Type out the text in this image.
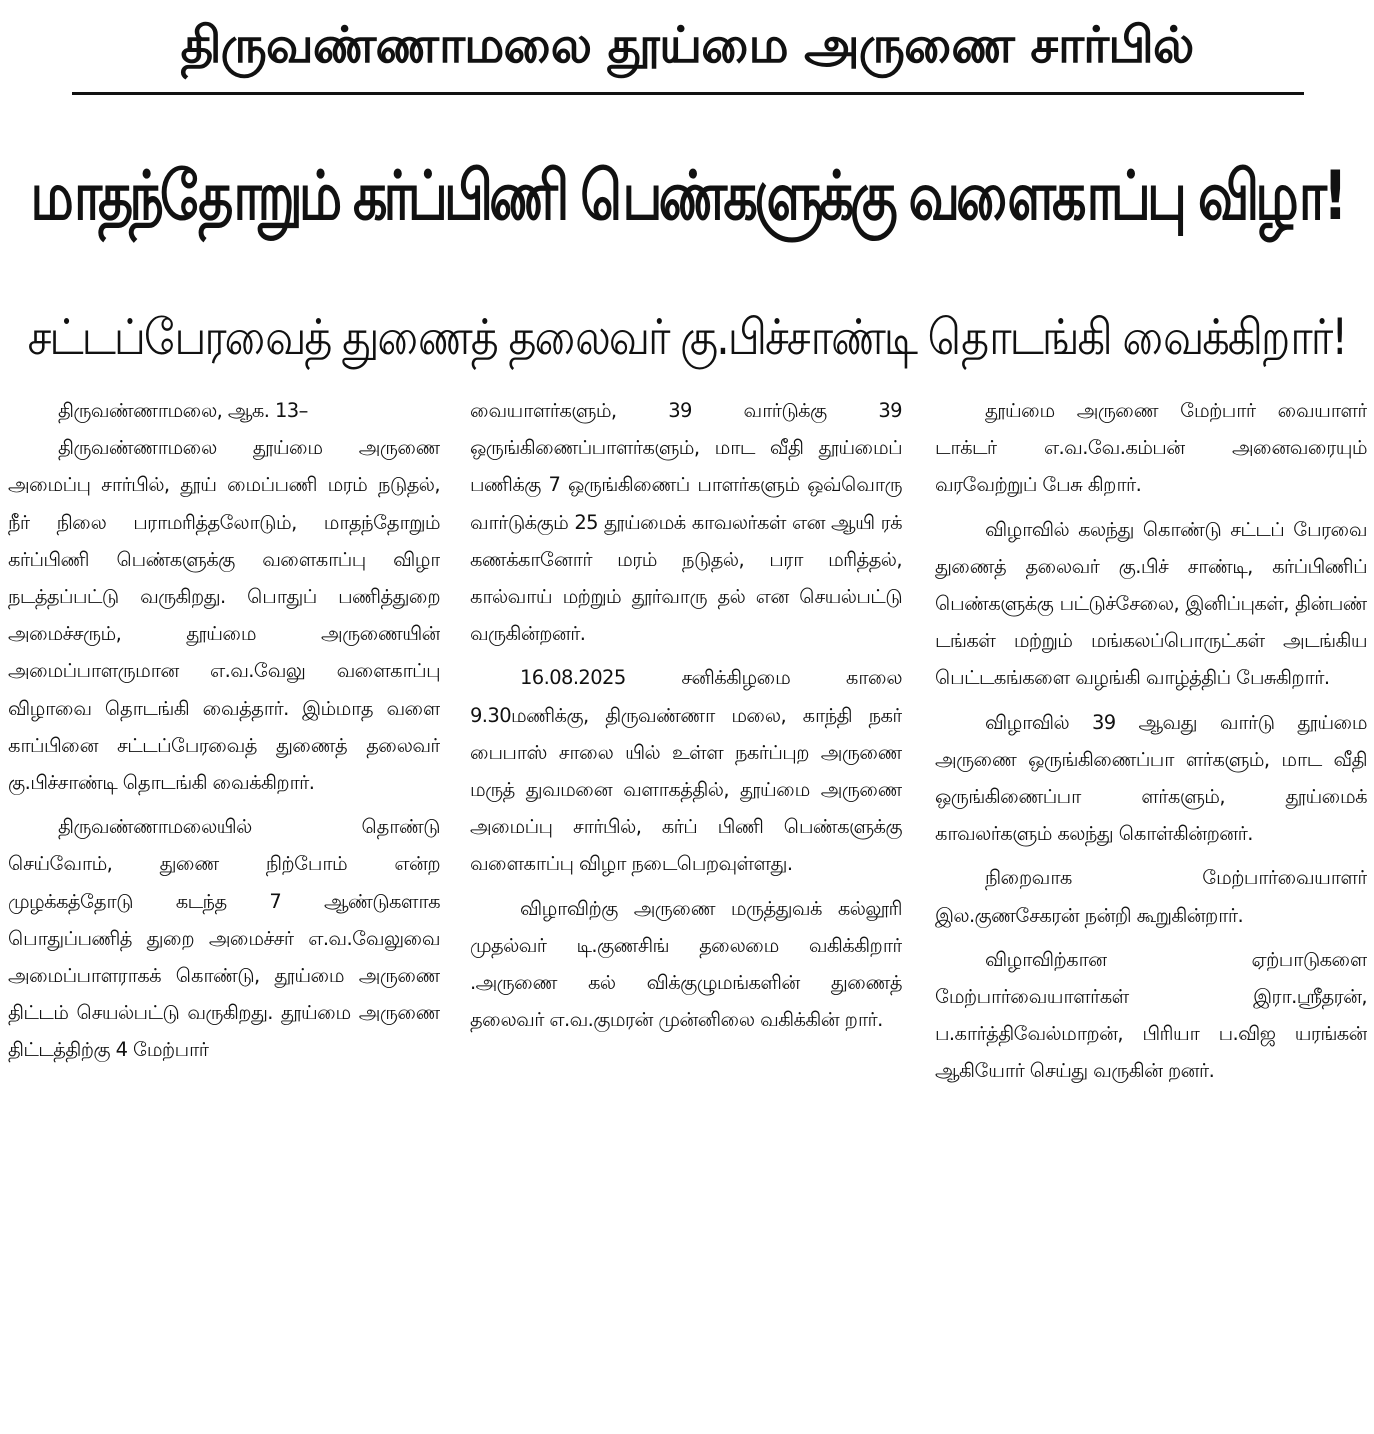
திருவண்ணாமலை தூய்மை அருணை சார்பில்
மாதந்தோறும் கர்ப்பிணி பெண்களுக்கு வளைகாப்பு விழா!
சட்டப்பேரவைத் துணைத் தலைவர் கு.பிச்சாண்டி தொடங்கி வைக்கிறார்!

திருவண்ணாமலை, ஆக. 13–

திருவண்ணாமலை தூய்மை அருணை அமைப்பு சார்பில், தூய் மைப்பணி மரம் நடுதல், நீர் நிலை பராமரித்தலோடும், மாதந்தோறும் கர்ப்பிணி பெண்களுக்கு வளைகாப்பு விழா நடத்தப்பட்டு வருகிறது. பொதுப் பணித்துறை அமைச்சரும், தூய்மை அருணையின் அமைப்பாளருமான எ.வ.வேலு வளைகாப்பு விழாவை தொடங்கி வைத்தார். இம்மாத வளை காப்பினை சட்டப்பேரவைத் துணைத் தலைவர் கு.பிச்சாண்டி தொடங்கி வைக்கிறார்.

திருவண்ணாமலையில் தொண்டு செய்வோம், துணை நிற்போம் என்ற முழக்கத்தோடு கடந்த 7 ஆண்டுகளாக பொதுப்பணித் துறை அமைச்சர் எ.வ.வேலுவை அமைப்பாளராகக் கொண்டு, தூய்மை அருணை திட்டம் செயல்பட்டு வருகிறது. தூய்மை அருணை திட்டத்திற்கு 4 மேற்பார்

வையாளர்களும், 39 வார்டுக்கு 39 ஒருங்கிணைப்பாளர்களும், மாட வீதி தூய்மைப் பணிக்கு 7 ஒருங்கிணைப் பாளர்களும் ஒவ்வொரு வார்டுக்கும் 25 தூய்மைக் காவலர்கள் என ஆயி ரக் கணக்கானோர் மரம் நடுதல், பரா மரித்தல், கால்வாய் மற்றும் தூர்வாரு தல் என செயல்பட்டு வருகின்றனர்.

16.08.2025 சனிக்கிழமை காலை 9.30மணிக்கு, திருவண்ணா மலை, காந்தி நகர் பைபாஸ் சாலை யில் உள்ள நகர்ப்புற அருணை மருத் துவமனை வளாகத்தில், தூய்மை அருணை அமைப்பு சார்பில், கர்ப் பிணி பெண்களுக்கு வளைகாப்பு விழா நடைபெறவுள்ளது.

விழாவிற்கு அருணை மருத்துவக் கல்லூரி முதல்வர் டி.குணசிங் தலைமை வகிக்கிறார் .அருணை கல் விக்குழுமங்களின் துணைத் தலைவர் எ.வ.குமரன் முன்னிலை வகிக்கின் றார்.

தூய்மை அருணை மேற்பார் வையாளர் டாக்டர் எ.வ.வே.கம்பன் அனைவரையும் வரவேற்றுப் பேசு கிறார்.

விழாவில் கலந்து கொண்டு சட்டப் பேரவை துணைத் தலைவர் கு.பிச் சாண்டி, கர்ப்பிணிப் பெண்களுக்கு பட்டுச்சேலை, இனிப்புகள், தின்பண் டங்கள் மற்றும் மங்கலப்பொருட்கள் அடங்கிய பெட்டகங்களை வழங்கி வாழ்த்திப் பேசுகிறார்.

விழாவில் 39 ஆவது வார்டு தூய்மை அருணை ஒருங்கிணைப்பா ளர்களும், மாட வீதி ஒருங்கிணைப்பா ளர்களும், தூய்மைக் காவலர்களும் கலந்து கொள்கின்றனர்.

நிறைவாக மேற்பார்வையாளர் இல.குணசேகரன் நன்றி கூறுகின்றார்.

விழாவிற்கான ஏற்பாடுகளை மேற்பார்வையாளர்கள் இரா.ஸ்ரீதரன், ப.கார்த்திவேல்மாறன், பிரியா ப.விஜ யரங்கன் ஆகியோர் செய்து வருகின் றனர்.
